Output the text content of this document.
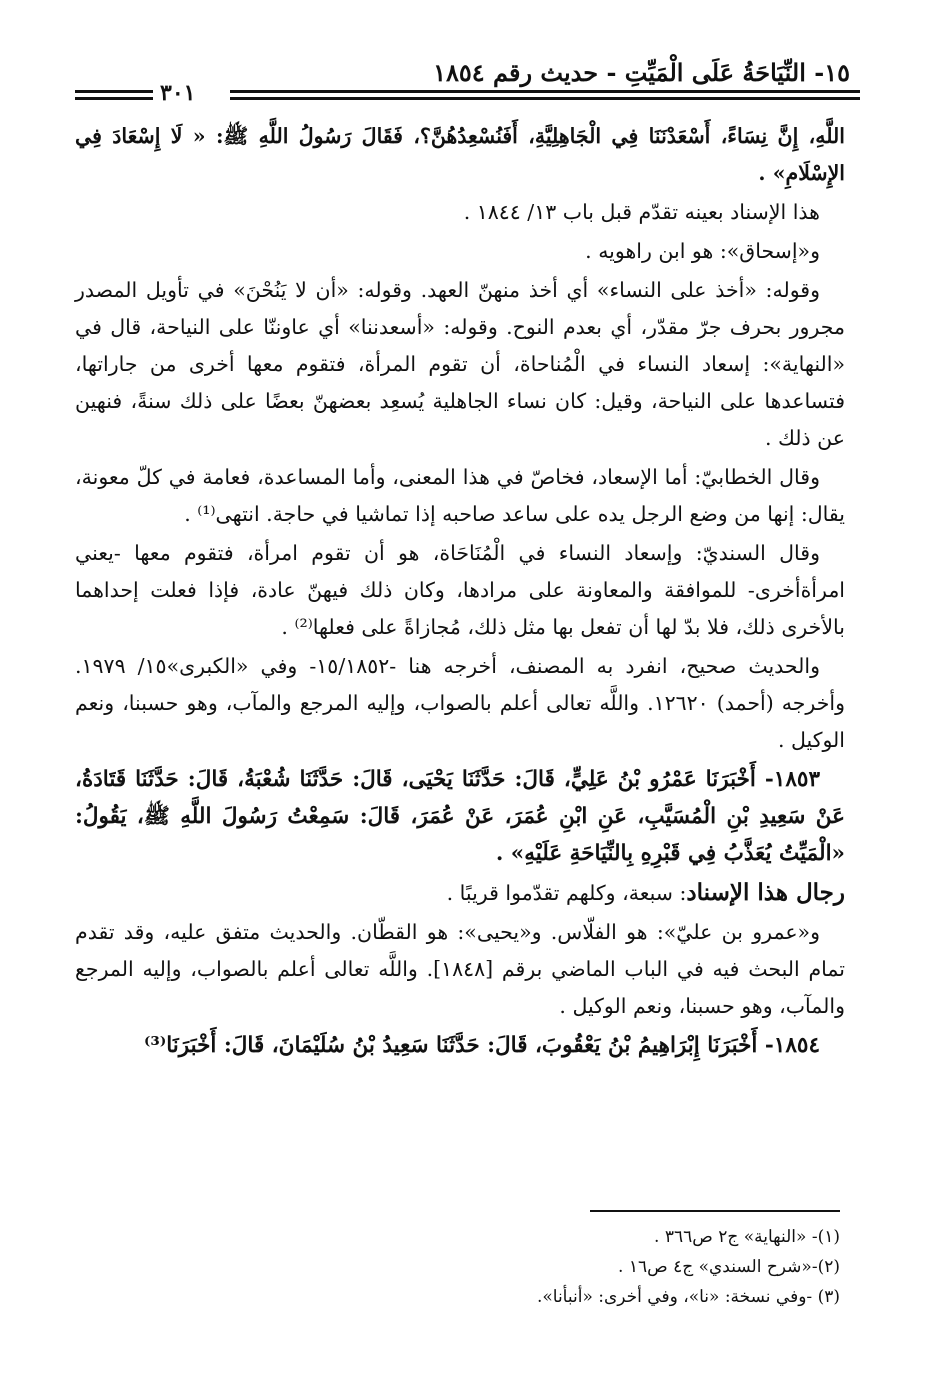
١٥- النِّيَاحَةُ عَلَى الْمَيِّتِ - حديث رقم ١٨٥٤
٣٠١

اللَّهِ، إِنَّ نِسَاءً، أَسْعَدْنَنَا فِي الْجَاهِلِيَّةِ، أَفَنُسْعِدُهُنَّ؟، فَقَالَ رَسُولُ اللَّهِ ﷺ: « لَا إِسْعَادَ فِي الإِسْلَامِ» .

هذا الإسناد بعينه تقدّم قبل باب ١٣/ ١٨٤٤ .

و«إسحاق»: هو ابن راهويه .

وقوله: «أخذ على النساء» أي أخذ منهنّ العهد. وقوله: «أن لا يَنُحْنَ» في تأويل المصدر مجرور بحرف جرّ مقدّر، أي بعدم النوح. وقوله: «أسعدننا» أي عاوننّا على النياحة، قال في «النهاية»: إسعاد النساء في الْمُناحاة، أن تقوم المرأة، فتقوم معها أخرى من جاراتها، فتساعدها على النياحة، وقيل: كان نساء الجاهلية يُسعِد بعضهنّ بعضًا على ذلك سنةً، فنهين عن ذلك .

وقال الخطابيّ: أما الإسعاد، فخاصّ في هذا المعنى، وأما المساعدة، فعامة في كلّ معونة، يقال: إنها من وضع الرجل يده على ساعد صاحبه إذا تماشيا في حاجة. انتهى⁽¹⁾ .

وقال السنديّ: وإسعاد النساء في الْمُنَاحَاة، هو أن تقوم امرأة، فتقوم معها -يعني امرأةأخرى- للموافقة والمعاونة على مرادها، وكان ذلك فيهنّ عادة، فإذا فعلت إحداهما بالأخرى ذلك، فلا بدّ لها أن تفعل بها مثل ذلك، مُجازاةً على فعلها⁽²⁾ .

والحديث صحيح، انفرد به المصنف، أخرجه هنا -١٥/١٨٥٢- وفي «الكبرى»١٥/ ١٩٧٩. وأخرجه (أحمد) ١٢٦٢٠. واللَّه تعالى أعلم بالصواب، وإليه المرجع والمآب، وهو حسبنا، ونعم الوكيل .

١٨٥٣- أَخْبَرَنَا عَمْرُو بْنُ عَلِيٍّ، قَالَ: حَدَّثَنَا يَحْيَى، قَالَ: حَدَّثَنَا شُعْبَةُ، قَالَ: حَدَّثَنَا قَتَادَةُ، عَنْ سَعِيدِ بْنِ الْمُسَيَّبِ، عَنِ ابْنِ عُمَرَ، عَنْ عُمَرَ، قَالَ: سَمِعْتُ رَسُولَ اللَّهِ ﷺ، يَقُولُ: «الْمَيِّتُ يُعَذَّبُ فِي قَبْرِهِ بِالنِّيَاحَةِ عَلَيْهِ» .

رجال هذا الإسناد: سبعة، وكلهم تقدّموا قريبًا .

و«عمرو بن عليّ»: هو الفلّاس. و«يحيى»: هو القطّان. والحديث متفق عليه، وقد تقدم تمام البحث فيه في الباب الماضي برقم [١٨٤٨]. واللَّه تعالى أعلم بالصواب، وإليه المرجع والمآب، وهو حسبنا، ونعم الوكيل .

١٨٥٤- أَخْبَرَنَا إِبْرَاهِيمُ بْنُ يَعْقُوبَ، قَالَ: حَدَّثَنَا سَعِيدُ بْنُ سُلَيْمَانَ، قَالَ: أَخْبَرَنَا⁽³⁾

(١)- «النهاية» ج٢ ص٣٦٦ .
(٢)-«شرح السندي» ج٤ ص١٦ .
(٣) -وفي نسخة: «نا»، وفي أخرى: «أنبأنا».
